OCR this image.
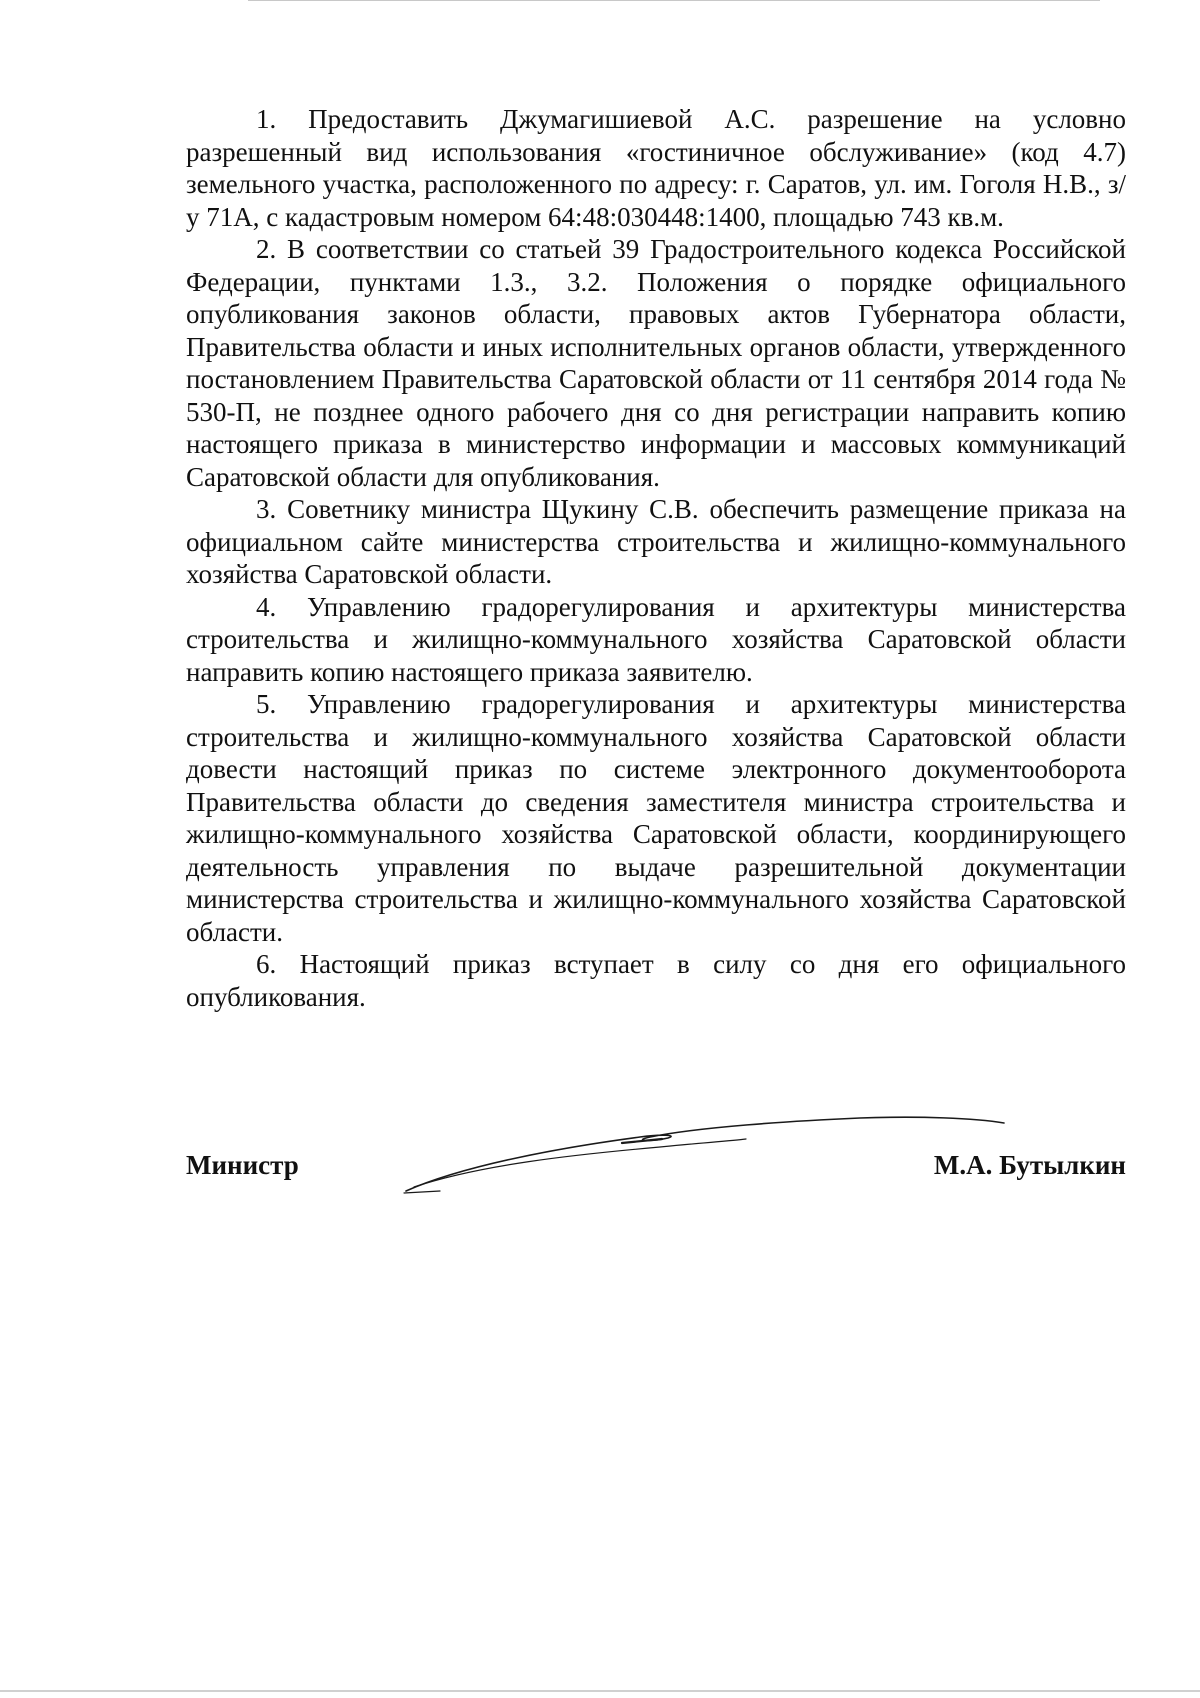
1. Предоставить Джумагишиевой А.С. разрешение на условно разрешенный вид использования «гостиничное обслуживание» (код 4.7) земельного участка, расположенного по адресу: г. Саратов, ул. им. Гоголя Н.В., з/у 71А, с кадастровым номером 64:48:030448:1400, площадью 743 кв.м.

2. В соответствии со статьей 39 Градостроительного кодекса Российской Федерации, пунктами 1.3., 3.2. Положения о порядке официального опубликования законов области, правовых актов Губернатора области, Правительства области и иных исполнительных органов области, утвержденного постановлением Правительства Саратовской области от 11 сентября 2014 года № 530-П, не позднее одного рабочего дня со дня регистрации направить копию настоящего приказа в министерство информации и массовых коммуникаций Саратовской области для опубликования.

3. Советнику министра Щукину С.В. обеспечить размещение приказа на официальном сайте министерства строительства и жилищно-коммунального хозяйства Саратовской области.

4. Управлению градорегулирования и архитектуры министерства строительства и жилищно-коммунального хозяйства Саратовской области направить копию настоящего приказа заявителю.

5. Управлению градорегулирования и архитектуры министерства строительства и жилищно-коммунального хозяйства Саратовской области довести настоящий приказ по системе электронного документооборота Правительства области до сведения заместителя министра строительства и жилищно-коммунального хозяйства Саратовской области, координирующего деятельность управления по выдаче разрешительной документации министерства строительства и жилищно-коммунального хозяйства Саратовской области.

6. Настоящий приказ вступает в силу со дня его официального опубликования.

Министр	М.А. Бутылкин
